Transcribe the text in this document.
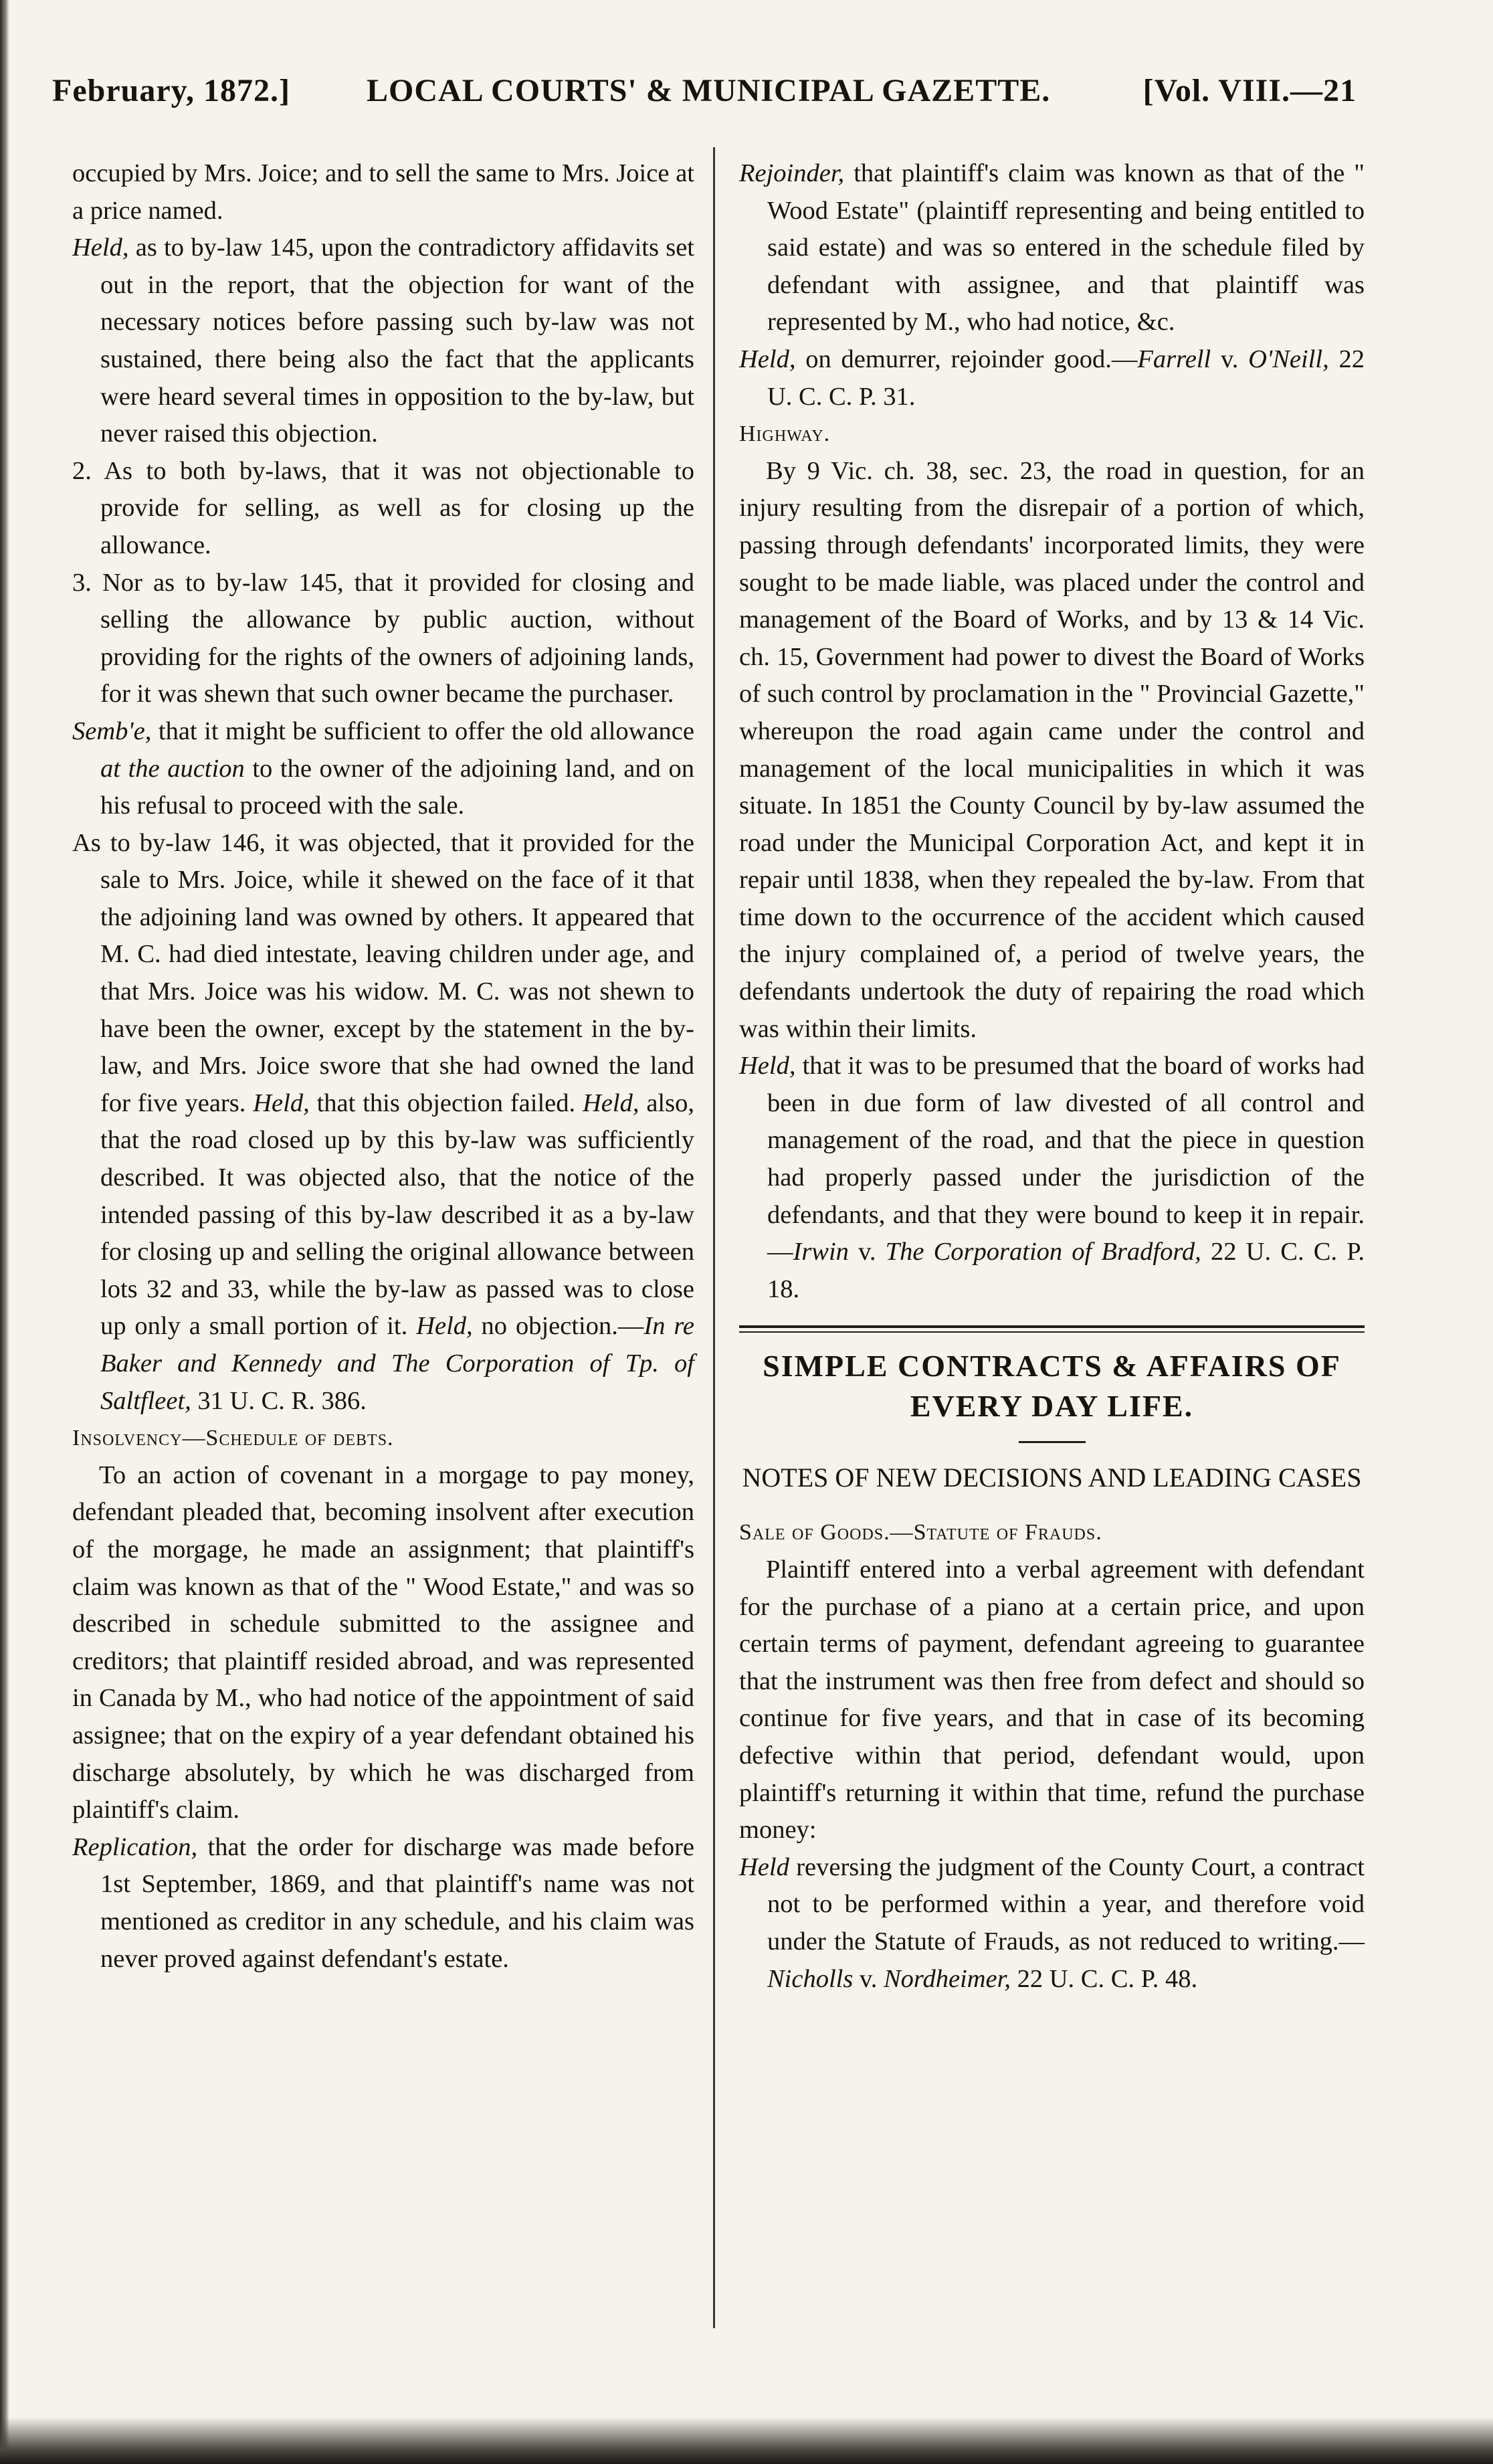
February, 1872.] LOCAL COURTS' & MUNICIPAL GAZETTE.	[Vol. VIII.—21

occupied by Mrs. Joice; and to sell the same to Mrs. Joice at a price named.

Held, as to by-law 145, upon the contradictory affidavits set out in the report, that the objection for want of the necessary notices before passing such by-law was not sustained, there being also the fact that the applicants were heard several times in opposition to the by-law, but never raised this objection.

2. As to both by-laws, that it was not objectionable to provide for selling, as well as for closing up the allowance.

3. Nor as to by-law 145, that it provided for closing and selling the allowance by public auction, without providing for the rights of the owners of adjoining lands, for it was shewn that such owner became the purchaser.

Semb'e, that it might be sufficient to offer the old allowance at the auction to the owner of the adjoining land, and on his refusal to proceed with the sale.

As to by-law 146, it was objected, that it provided for the sale to Mrs. Joice, while it shewed on the face of it that the adjoining land was owned by others. It appeared that M. C. had died intestate, leaving children under age, and that Mrs. Joice was his widow. M. C. was not shewn to have been the owner, except by the statement in the by-law, and Mrs. Joice swore that she had owned the land for five years. Held, that this objection failed. Held, also, that the road closed up by this by-law was sufficiently described. It was objected also, that the notice of the intended passing of this by-law described it as a by-law for closing up and selling the original allowance between lots 32 and 33, while the by-law as passed was to close up only a small portion of it. Held, no objection.—In re Baker and Kennedy and The Corporation of Tp. of Saltfleet, 31 U. C. R. 386.

Insolvency—Schedule of debts.

To an action of covenant in a morgage to pay money, defendant pleaded that, becoming insolvent after execution of the morgage, he made an assignment; that plaintiff's claim was known as that of the " Wood Estate," and was so described in schedule submitted to the assignee and creditors; that plaintiff resided abroad, and was represented in Canada by M., who had notice of the appointment of said assignee; that on the expiry of a year defendant obtained his discharge absolutely, by which he was discharged from plaintiff's claim.

Replication, that the order for discharge was made before 1st September, 1869, and that plaintiff's name was not mentioned as creditor in any schedule, and his claim was never proved against defendant's estate.

Rejoinder, that plaintiff's claim was known as that of the " Wood Estate" (plaintiff representing and being entitled to said estate) and was so entered in the schedule filed by defendant with assignee, and that plaintiff was represented by M., who had notice, &c.

Held, on demurrer, rejoinder good.—Farrell v. O'Neill, 22 U. C. C. P. 31.

Highway.

By 9 Vic. ch. 38, sec. 23, the road in question, for an injury resulting from the disrepair of a portion of which, passing through defendants' incorporated limits, they were sought to be made liable, was placed under the control and management of the Board of Works, and by 13 & 14 Vic. ch. 15, Government had power to divest the Board of Works of such control by proclamation in the " Provincial Gazette," whereupon the road again came under the control and management of the local municipalities in which it was situate. In 1851 the County Council by by-law assumed the road under the Municipal Corporation Act, and kept it in repair until 1838, when they repealed the by-law. From that time down to the occurrence of the accident which caused the injury complained of, a period of twelve years, the defendants undertook the duty of repairing the road which was within their limits.

Held, that it was to be presumed that the board of works had been in due form of law divested of all control and management of the road, and that the piece in question had properly passed under the jurisdiction of the defendants, and that they were bound to keep it in repair.—Irwin v. The Corporation of Bradford, 22 U. C. C. P. 18.

SIMPLE CONTRACTS & AFFAIRS OF EVERY DAY LIFE.

NOTES OF NEW DECISIONS AND LEADING CASES

Sale of Goods.—Statute of Frauds.

Plaintiff entered into a verbal agreement with defendant for the purchase of a piano at a certain price, and upon certain terms of payment, defendant agreeing to guarantee that the instrument was then free from defect and should so continue for five years, and that in case of its becoming defective within that period, defendant would, upon plaintiff's returning it within that time, refund the purchase money:

Held reversing the judgment of the County Court, a contract not to be performed within a year, and therefore void under the Statute of Frauds, as not reduced to writing.—Nicholls v. Nordheimer, 22 U. C. C. P. 48.
